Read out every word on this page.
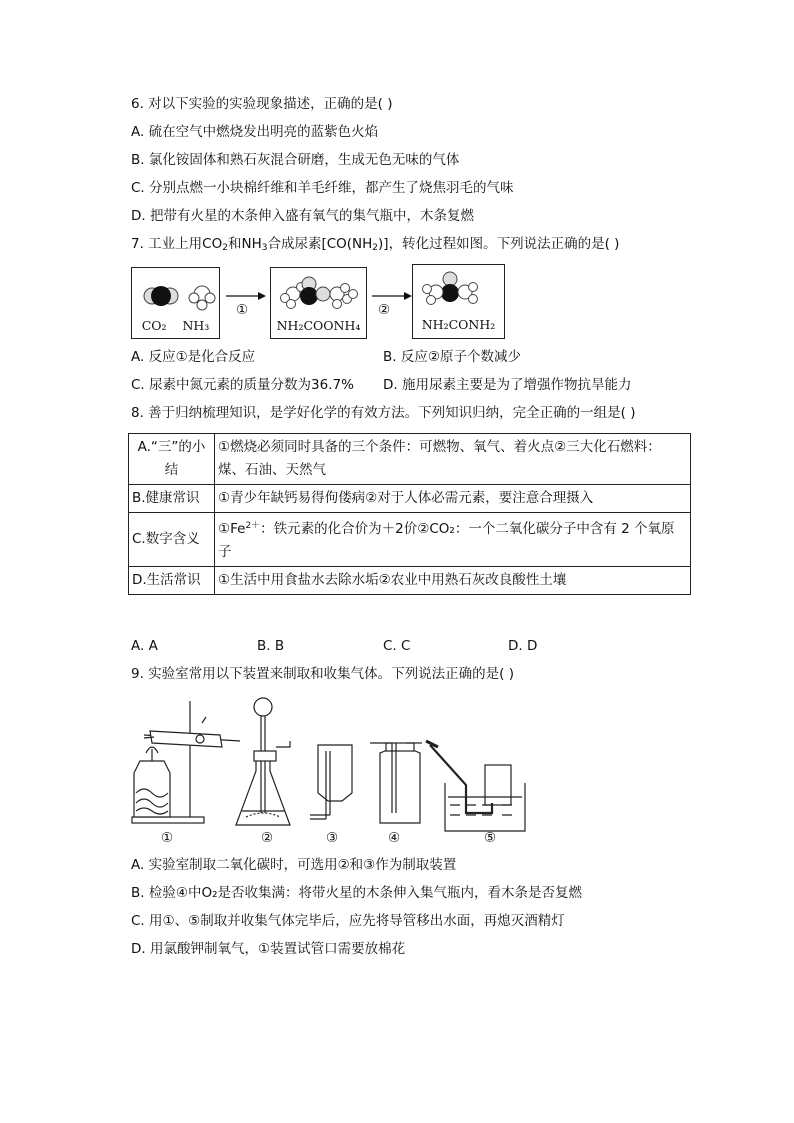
6. 对以下实验的实验现象描述，正确的是( )
A. 硫在空气中燃烧发出明亮的蓝紫色火焰
B. 氯化铵固体和熟石灰混合研磨，生成无色无味的气体
C. 分别点燃一小块棉纤维和羊毛纤维，都产生了烧焦羽毛的气味
D. 把带有火星的木条伸入盛有氧气的集气瓶中，木条复燃
7. 工业上用$CO_2$和$NH_3$合成尿素$[CO(NH_2)]$，转化过程如图。下列说法正确的是( )
CO₂ NH₃
①
NH₂COONH₄
②
NH₂CONH₂
A. 反应①是化合反应	B. 反应②原子个数减少
C. 尿素中氮元素的质量分数为36.7% D. 施用尿素主要是为了增强作物抗旱能力
8. 善于归纳梳理知识，是学好化学的有效方法。下列知识归纳，完全正确的一组是( )
A.“三”的小结	①燃烧必须同时具备的三个条件：可燃物、氧气、着火点②三大化石燃料：煤、石油、天然气
B.健康常识	①青少年缺钙易得佝偻病②对于人体必需元素，要注意合理摄入
C.数字含义	$①Fe^{2+}$：铁元素的化合价为＋2价②CO₂：一个二氧化碳分子中含有 2 个氧原子
D.生活常识	①生活中用食盐水去除水垢②农业中用熟石灰改良酸性土壤
A. A	B. B	C. C	D. D
9. 实验室常用以下装置来制取和收集气体。下列说法正确的是( )
①	②	③	④	⑤
A. 实验室制取二氧化碳时，可选用②和③作为制取装置
B. 检验④中O₂是否收集满：将带火星的木条伸入集气瓶内，看木条是否复燃
C. 用①、⑤制取并收集气体完毕后，应先将导管移出水面，再熄灭酒精灯
D. 用氯酸钾制氧气，①装置试管口需要放棉花
